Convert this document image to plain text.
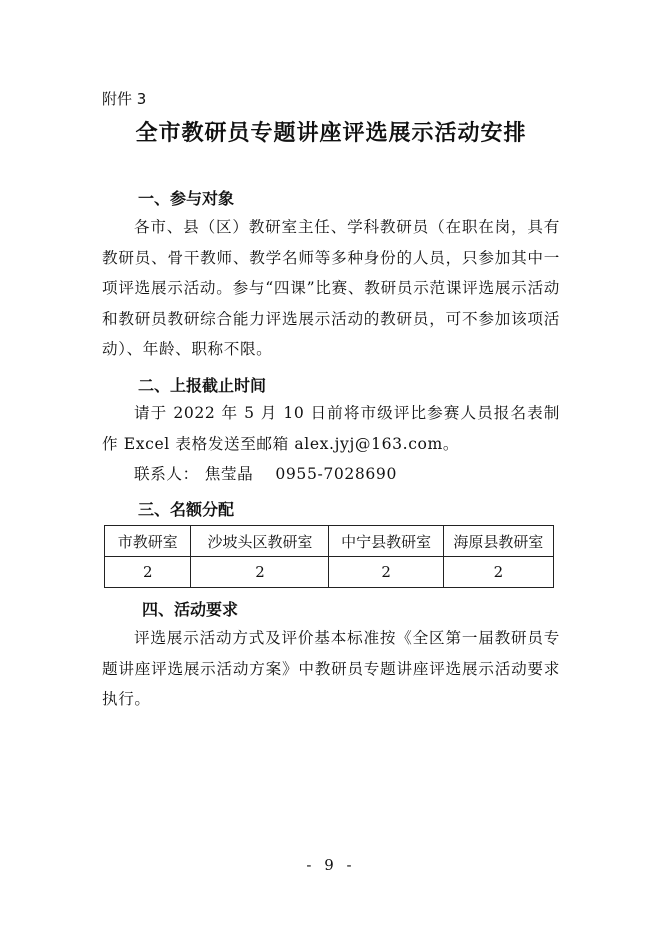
附件 3
全市教研员专题讲座评选展示活动安排
一、参与对象
各市、县（区）教研室主任、学科教研员（在职在岗，具有教研员、骨干教师、教学名师等多种身份的人员，只参加其中一项评选展示活动。参与“四课”比赛、教研员示范课评选展示活动和教研员教研综合能力评选展示活动的教研员，可不参加该项活动）、年龄、职称不限。
二、上报截止时间
请于 2022 年 5 月 10 日前将市级评比参赛人员报名表制作 Excel 表格发送至邮箱 alex.jyj@163.com。
联系人： 焦莹晶 0955-7028690
三、名额分配
市教研室	沙坡头区教研室	中宁县教研室	海原县教研室
2	2	2	2
四、活动要求
评选展示活动方式及评价基本标准按《全区第一届教研员专题讲座评选展示活动方案》中教研员专题讲座评选展示活动要求执行。
- 9 -
